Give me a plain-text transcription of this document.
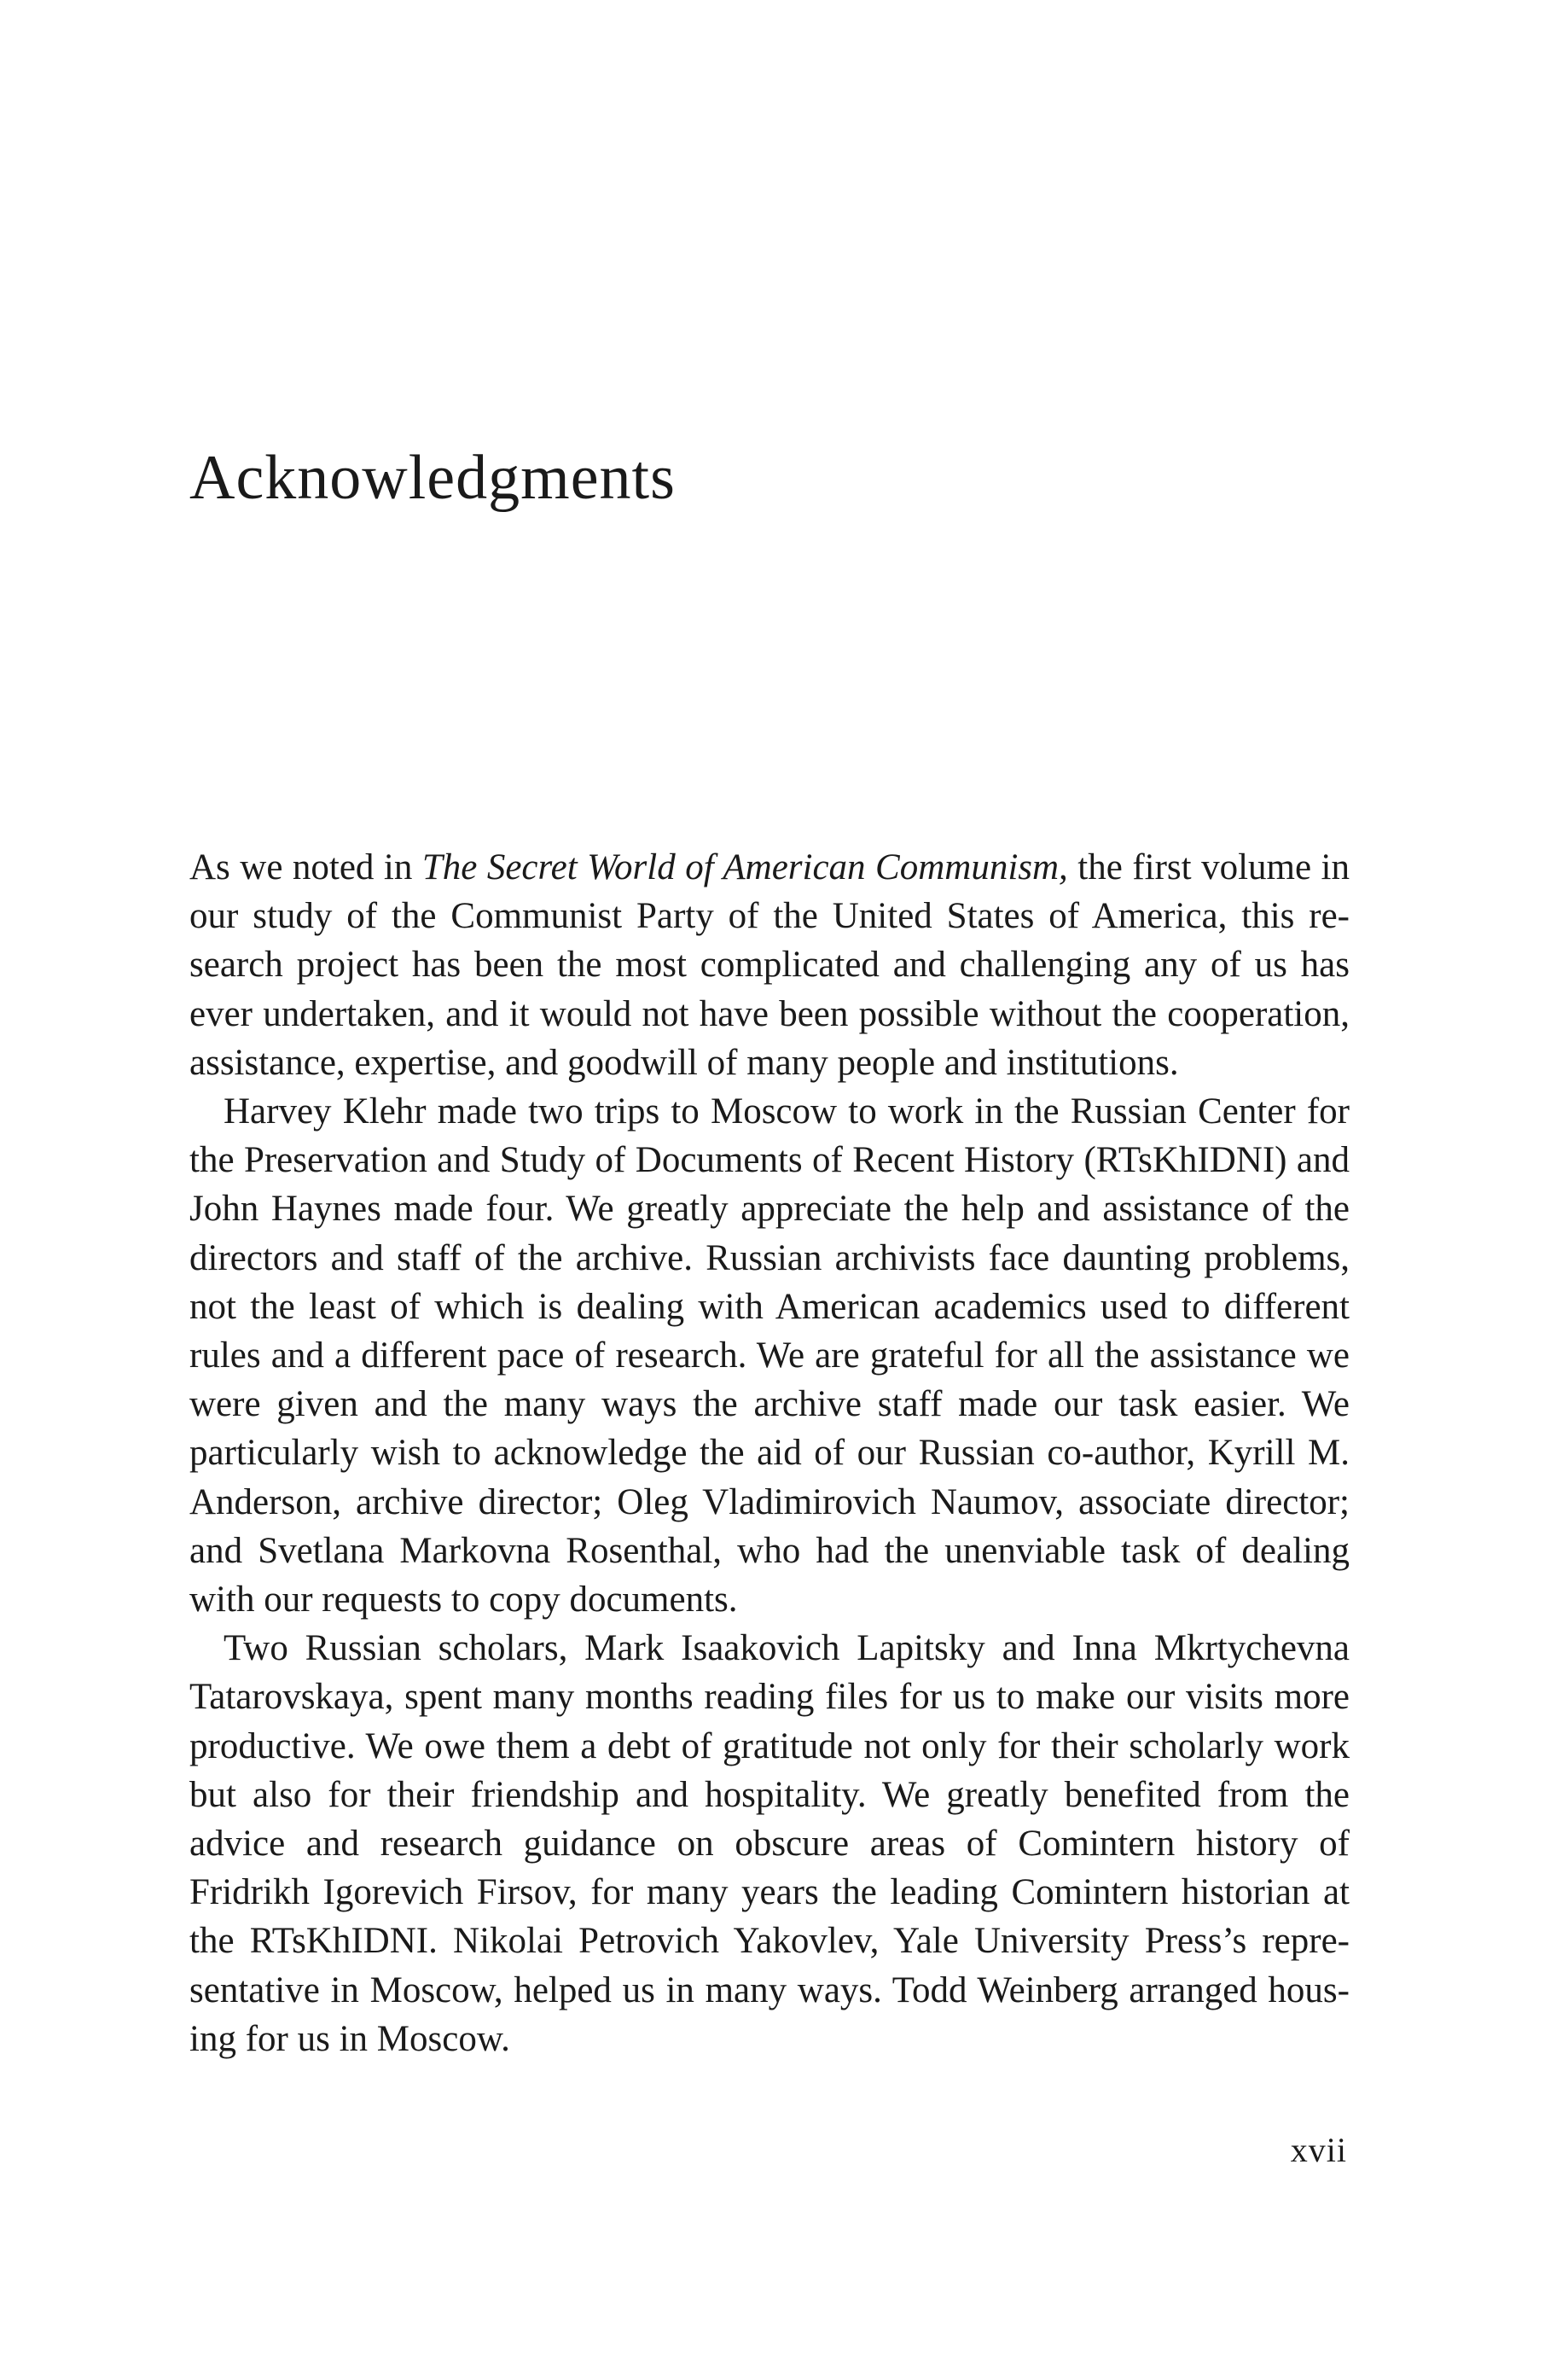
Acknowledgments

As we noted in The Secret World of American Communism, the first volume in our study of the Communist Party of the United States of America, this research project has been the most complicated and challenging any of us has ever undertaken, and it would not have been possible without the cooperation, assistance, expertise, and goodwill of many people and institutions.

Harvey Klehr made two trips to Moscow to work in the Russian Center for the Preservation and Study of Documents of Recent History (RTsKhIDNI) and John Haynes made four. We greatly appreciate the help and assistance of the directors and staff of the archive. Russian archivists face daunting problems, not the least of which is dealing with American academics used to different rules and a different pace of research. We are grateful for all the assistance we were given and the many ways the archive staff made our task easier. We particularly wish to acknowledge the aid of our Russian co-author, Kyrill M. Anderson, archive director; Oleg Vladimirovich Naumov, associate director; and Svetlana Markovna Rosenthal, who had the unenviable task of dealing with our requests to copy documents.

Two Russian scholars, Mark Isaakovich Lapitsky and Inna Mkrtychevna Tatarovskaya, spent many months reading files for us to make our visits more productive. We owe them a debt of gratitude not only for their scholarly work but also for their friendship and hospitality. We greatly benefited from the advice and research guidance on obscure areas of Comintern history of Fridrikh Igorevich Firsov, for many years the leading Comintern historian at the RTsKhIDNI. Nikolai Petrovich Yakovlev, Yale University Press’s representative in Moscow, helped us in many ways. Todd Weinberg arranged housing for us in Moscow.

xvii
